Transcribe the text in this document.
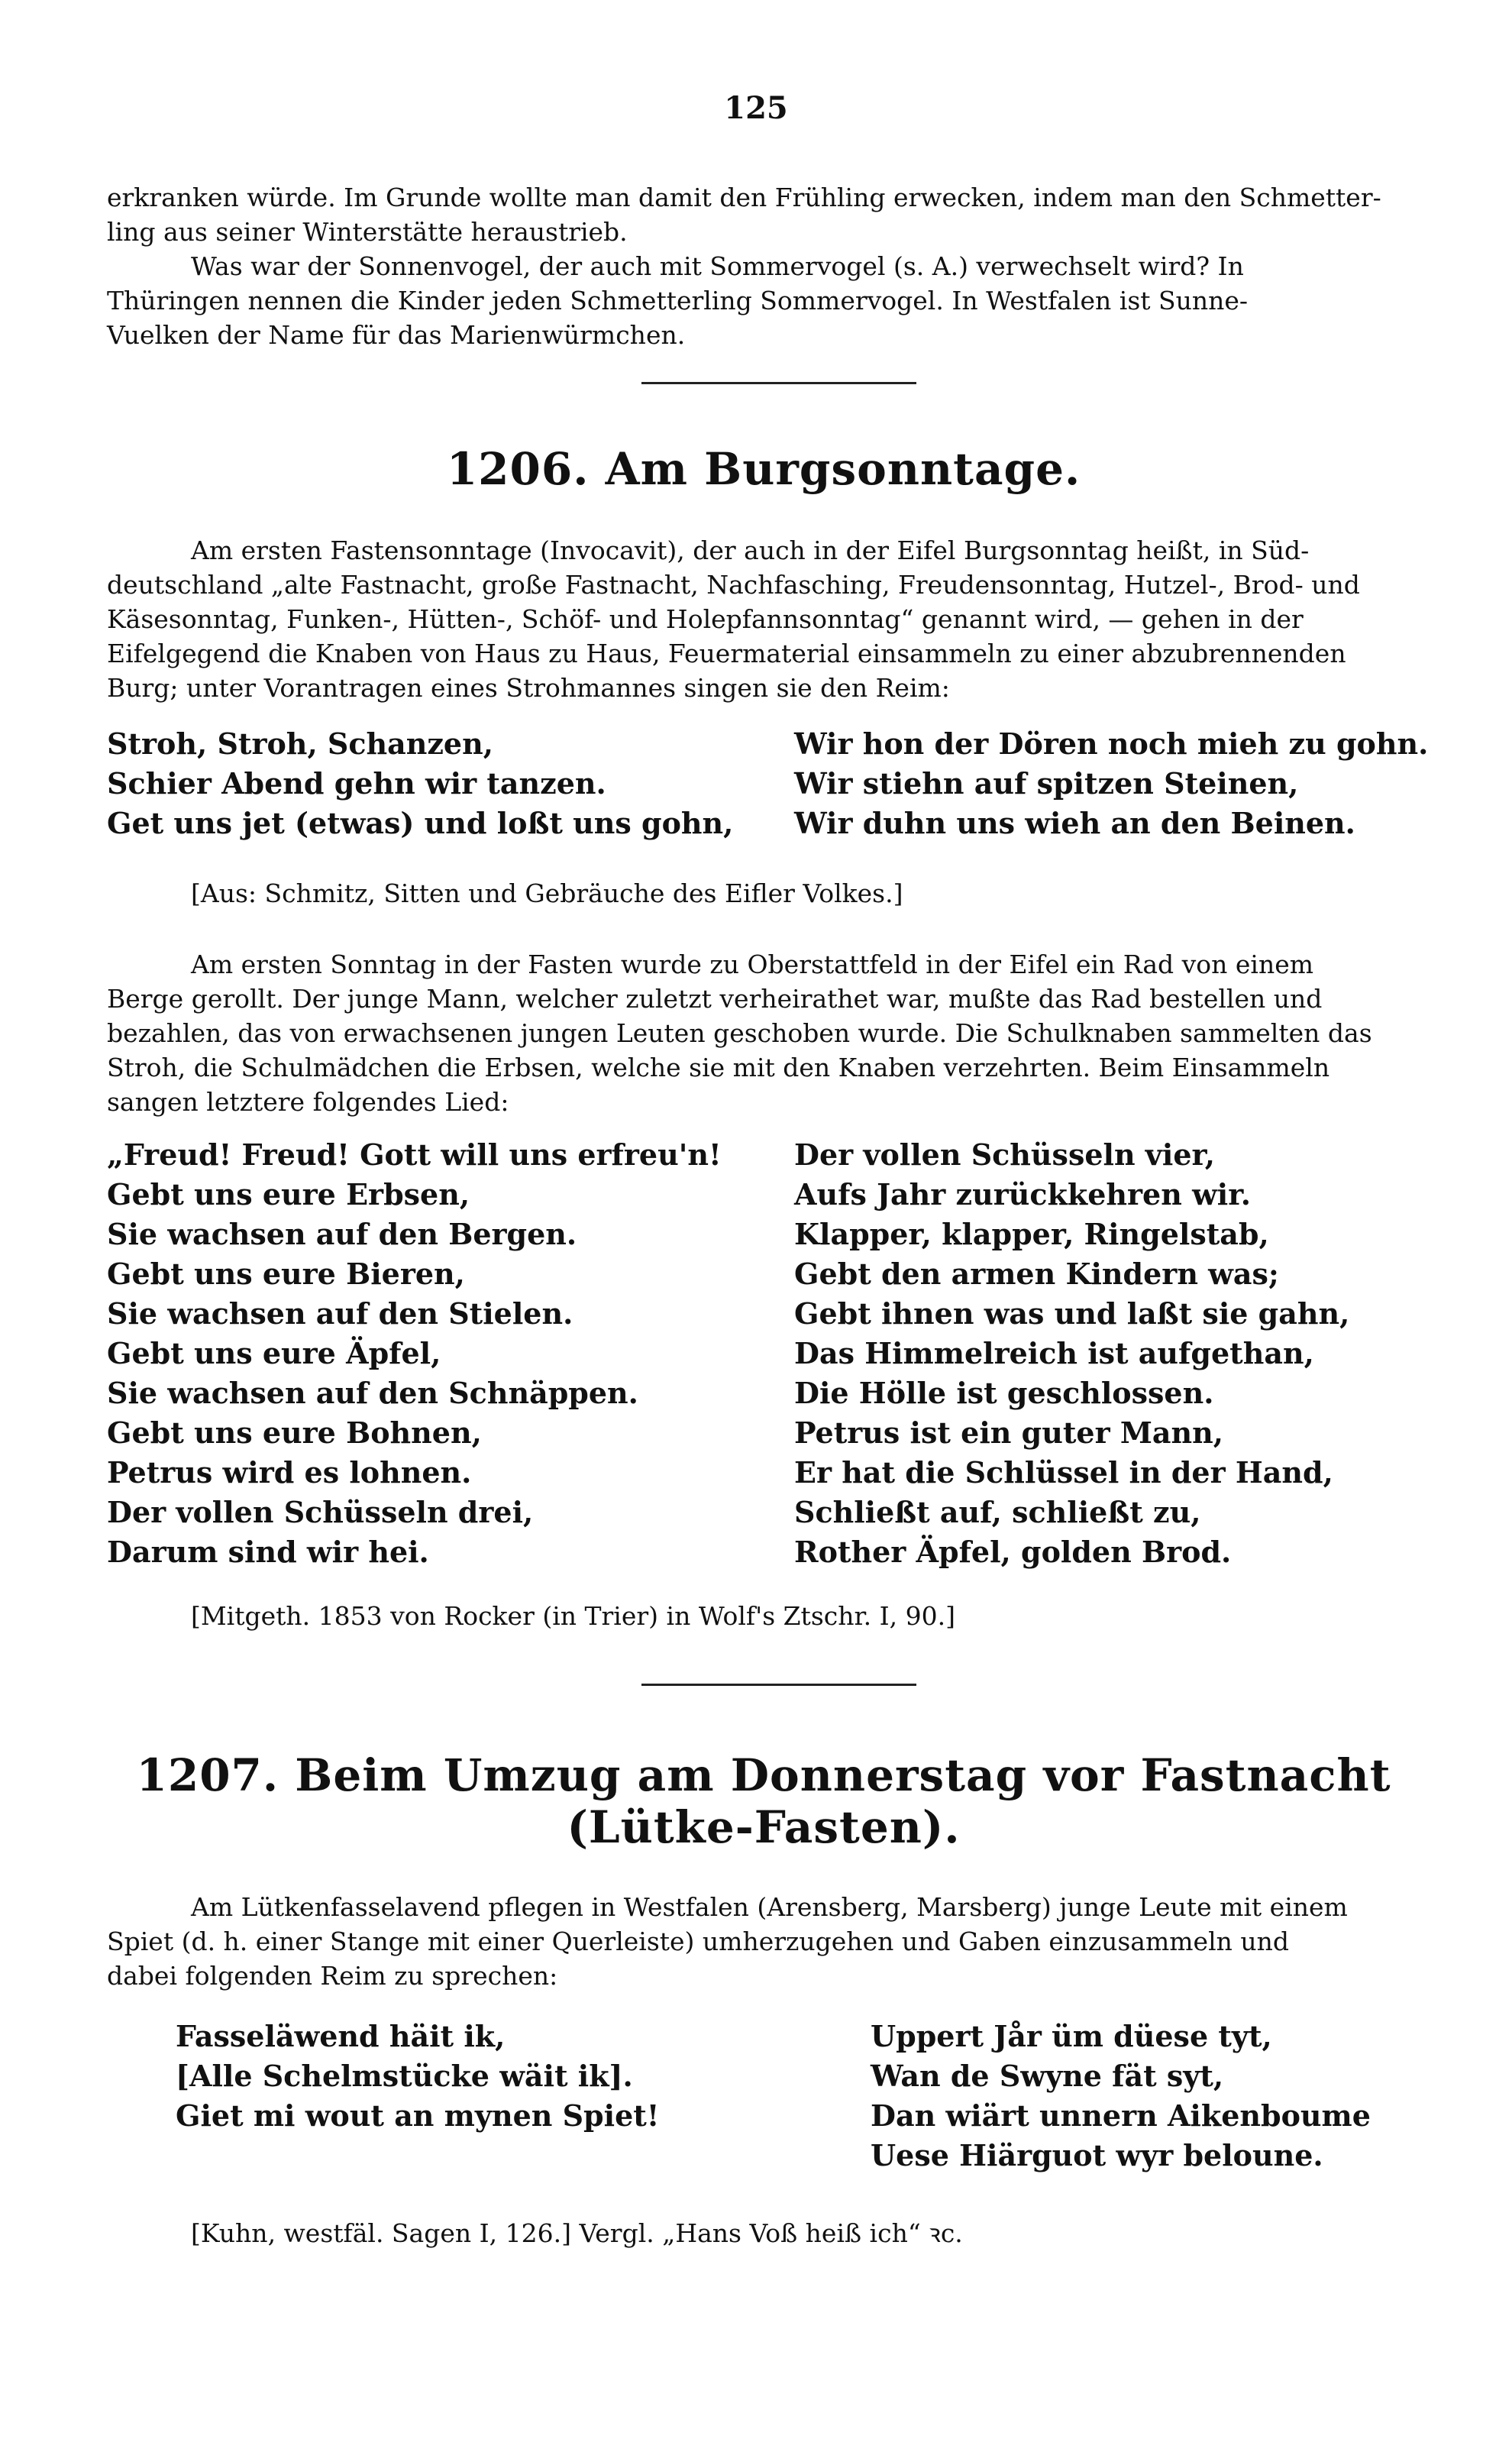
125

erkranken würde. Im Grunde wollte man damit den Frühling erwecken, indem man den Schmetter-

ling aus seiner Winterstätte heraustrieb.

Was war der Sonnenvogel, der auch mit Sommervogel (s. A.) verwechselt wird? In

Thüringen nennen die Kinder jeden Schmetterling Sommervogel. In Westfalen ist Sunne-

Vuelken der Name für das Marienwürmchen.

1206. Am Burgsonntage.

Am ersten Fastensonntage (Invocavit), der auch in der Eifel Burgsonntag heißt, in Süd-

deutschland „alte Fastnacht, große Fastnacht, Nachfasching, Freudensonntag, Hutzel-, Brod- und

Käsesonntag, Funken-, Hütten-, Schöf- und Holepfannsonntag“ genannt wird, — gehen in der

Eifelgegend die Knaben von Haus zu Haus, Feuermaterial einsammeln zu einer abzubrennenden

Burg; unter Vorantragen eines Strohmannes singen sie den Reim:

Stroh, Stroh, Schanzen,
Schier Abend gehn wir tanzen.
Get uns jet (etwas) und loßt uns gohn,
Wir hon der Dören noch mieh zu gohn.
Wir stiehn auf spitzen Steinen,
Wir duhn uns wieh an den Beinen.
[Aus: Schmitz, Sitten und Gebräuche des Eifler Volkes.]

Am ersten Sonntag in der Fasten wurde zu Oberstattfeld in der Eifel ein Rad von einem

Berge gerollt. Der junge Mann, welcher zuletzt verheirathet war, mußte das Rad bestellen und

bezahlen, das von erwachsenen jungen Leuten geschoben wurde. Die Schulknaben sammelten das

Stroh, die Schulmädchen die Erbsen, welche sie mit den Knaben verzehrten. Beim Einsammeln

sangen letztere folgendes Lied:

„Freud! Freud! Gott will uns erfreu'n!
Gebt uns eure Erbsen,
Sie wachsen auf den Bergen.
Gebt uns eure Bieren,
Sie wachsen auf den Stielen.
Gebt uns eure Äpfel,
Sie wachsen auf den Schnäppen.
Gebt uns eure Bohnen,
Petrus wird es lohnen.
Der vollen Schüsseln drei,
Darum sind wir hei.
Der vollen Schüsseln vier,
Aufs Jahr zurückkehren wir.
Klapper, klapper, Ringelstab,
Gebt den armen Kindern was;
Gebt ihnen was und laßt sie gahn,
Das Himmelreich ist aufgethan,
Die Hölle ist geschlossen.
Petrus ist ein guter Mann,
Er hat die Schlüssel in der Hand,
Schließt auf, schließt zu,
Rother Äpfel, golden Brod.
[Mitgeth. 1853 von Rocker (in Trier) in Wolf's Ztschr. I, 90.]
1207. Beim Umzug am Donnerstag vor Fastnacht
(Lütke-Fasten).

Am Lütkenfasselavend pflegen in Westfalen (Arensberg, Marsberg) junge Leute mit einem

Spiet (d. h. einer Stange mit einer Querleiste) umherzugehen und Gaben einzusammeln und

dabei folgenden Reim zu sprechen:

Fasseläwend häit ik,
[Alle Schelmstücke wäit ik].
Giet mi wout an mynen Spiet!
Uppert Jår üm düese tyt,
Wan de Swyne fät syt,
Dan wiärt unnern Aikenboume
Uese Hiärguot wyr beloune.
[Kuhn, westfäl. Sagen I, 126.] Vergl. „Hans Voß heiß ich“ ꝛc.
